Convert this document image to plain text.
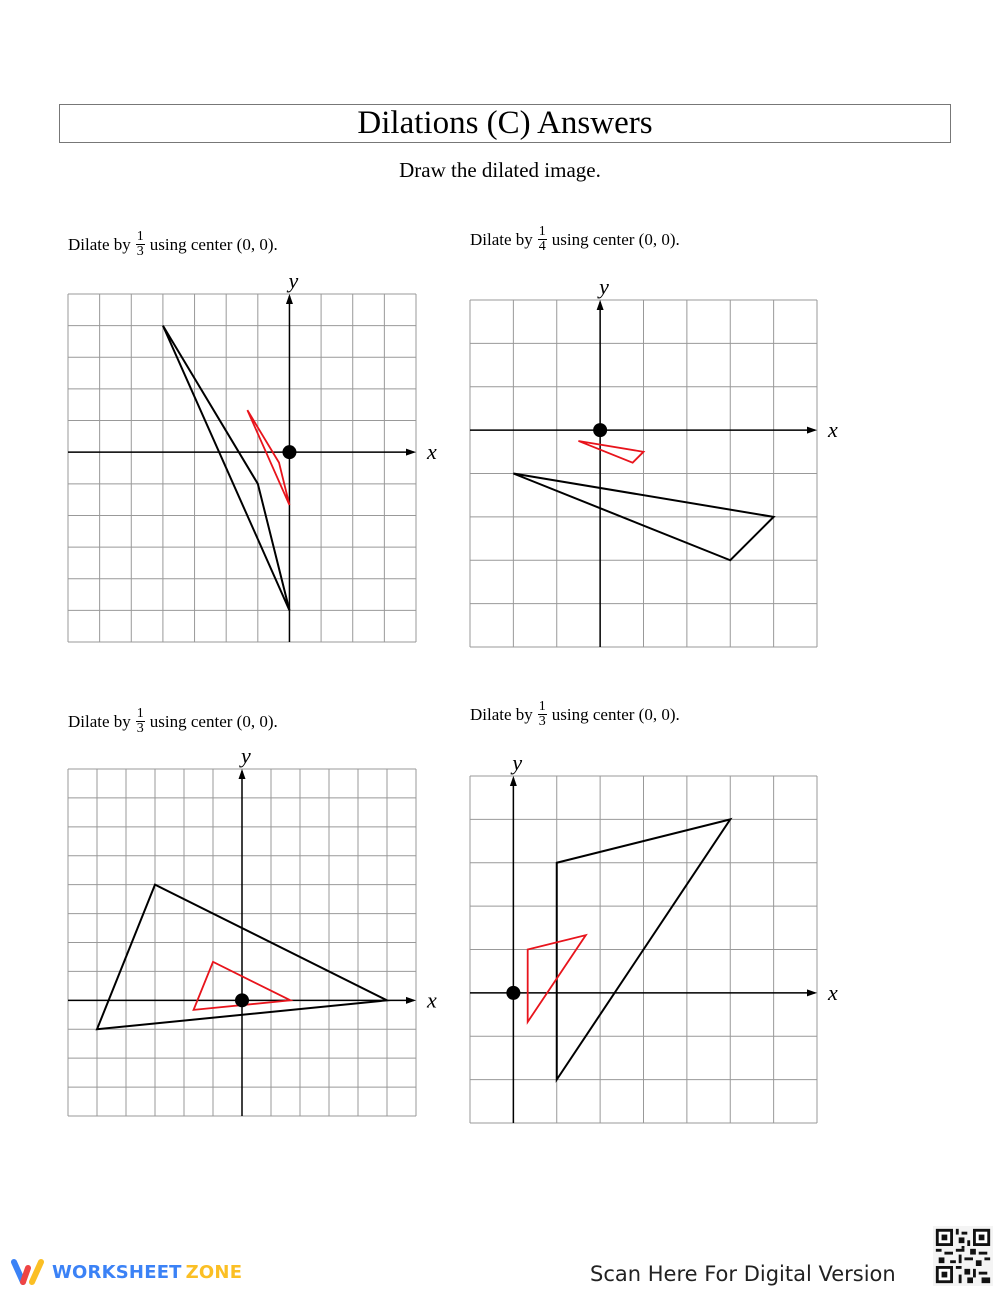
Dilations (C) Answers
Draw the dilated image.
Dilate by $\frac{1}{3}$ using center (0, 0).	Dilate by $\frac{1}{4}$ using center (0, 0).
Dilate by $\frac{1}{3}$ using center (0, 0).	Dilate by $\frac{1}{3}$ using center (0, 0).
x
y
x
y
x
y
x
y
WORKSHEET ZONE	Scan Here For Digital Version
